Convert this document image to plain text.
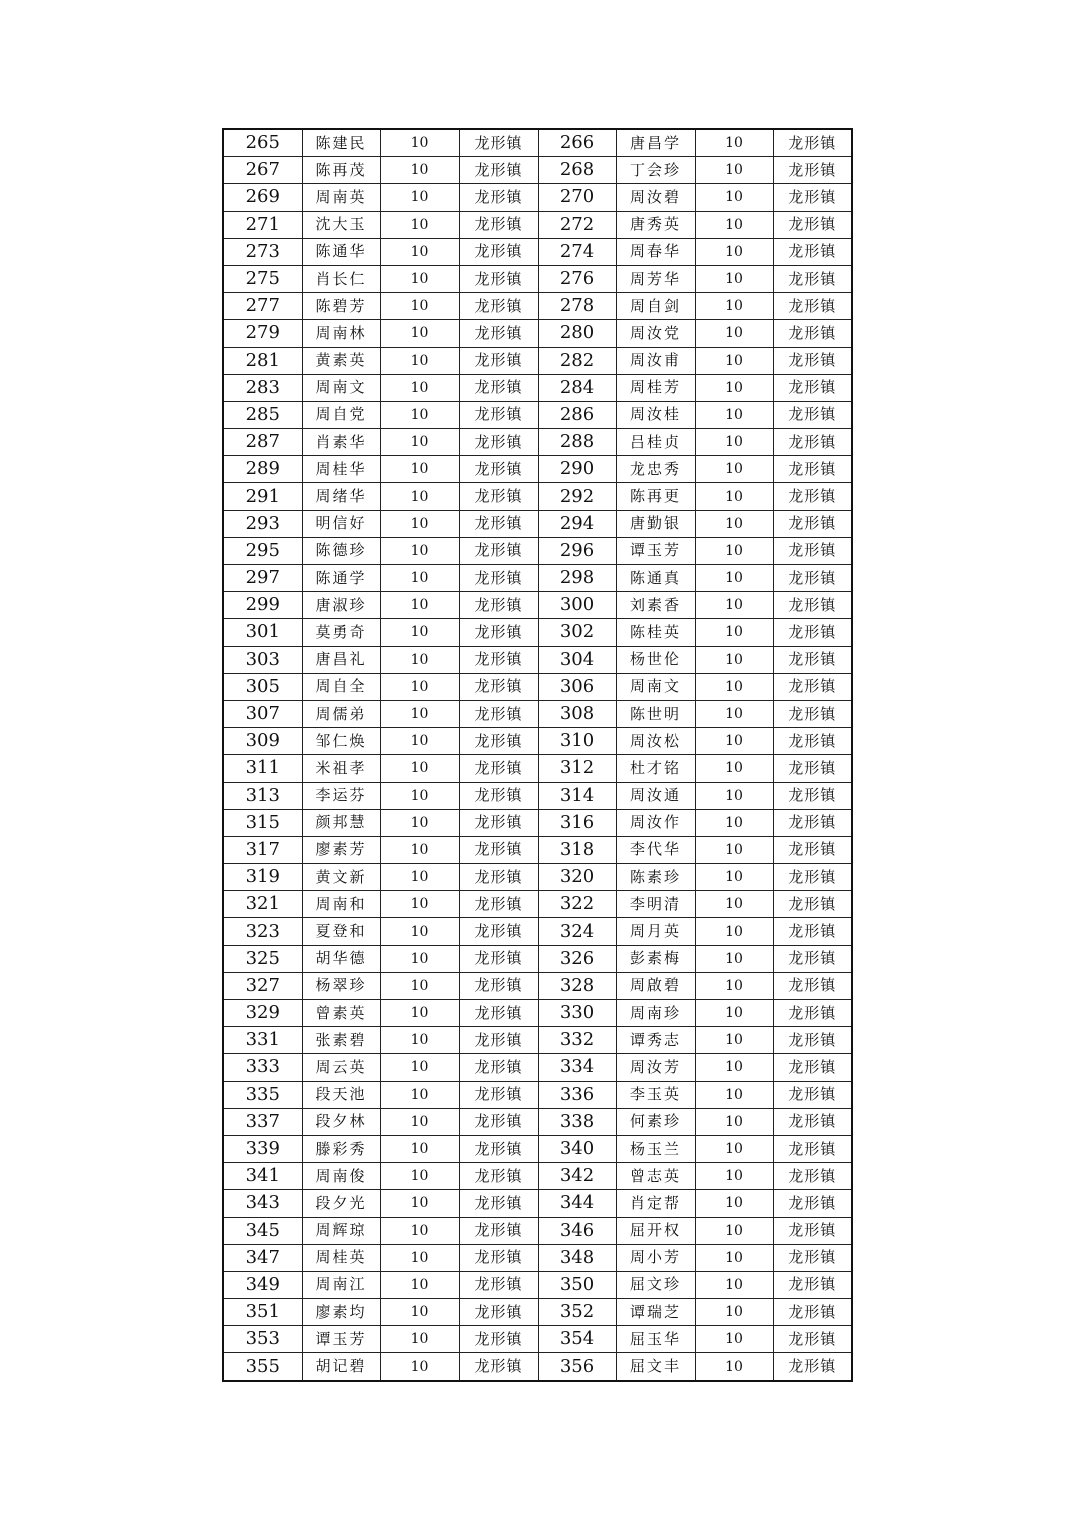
265	陈建民	10	龙形镇	266	唐昌学	10	龙形镇
267	陈再茂	10	龙形镇	268	丁会珍	10	龙形镇
269	周南英	10	龙形镇	270	周汝碧	10	龙形镇
271	沈大玉	10	龙形镇	272	唐秀英	10	龙形镇
273	陈通华	10	龙形镇	274	周春华	10	龙形镇
275	肖长仁	10	龙形镇	276	周芳华	10	龙形镇
277	陈碧芳	10	龙形镇	278	周自剑	10	龙形镇
279	周南林	10	龙形镇	280	周汝党	10	龙形镇
281	黄素英	10	龙形镇	282	周汝甫	10	龙形镇
283	周南文	10	龙形镇	284	周桂芳	10	龙形镇
285	周自党	10	龙形镇	286	周汝桂	10	龙形镇
287	肖素华	10	龙形镇	288	吕桂贞	10	龙形镇
289	周桂华	10	龙形镇	290	龙忠秀	10	龙形镇
291	周绪华	10	龙形镇	292	陈再更	10	龙形镇
293	明信好	10	龙形镇	294	唐勤银	10	龙形镇
295	陈德珍	10	龙形镇	296	谭玉芳	10	龙形镇
297	陈通学	10	龙形镇	298	陈通真	10	龙形镇
299	唐淑珍	10	龙形镇	300	刘素香	10	龙形镇
301	莫勇奇	10	龙形镇	302	陈桂英	10	龙形镇
303	唐昌礼	10	龙形镇	304	杨世伦	10	龙形镇
305	周自全	10	龙形镇	306	周南文	10	龙形镇
307	周儒弟	10	龙形镇	308	陈世明	10	龙形镇
309	邹仁焕	10	龙形镇	310	周汝松	10	龙形镇
311	米祖孝	10	龙形镇	312	杜才铭	10	龙形镇
313	李运芬	10	龙形镇	314	周汝通	10	龙形镇
315	颜邦慧	10	龙形镇	316	周汝作	10	龙形镇
317	廖素芳	10	龙形镇	318	李代华	10	龙形镇
319	黄文新	10	龙形镇	320	陈素珍	10	龙形镇
321	周南和	10	龙形镇	322	李明清	10	龙形镇
323	夏登和	10	龙形镇	324	周月英	10	龙形镇
325	胡华德	10	龙形镇	326	彭素梅	10	龙形镇
327	杨翠珍	10	龙形镇	328	周啟碧	10	龙形镇
329	曾素英	10	龙形镇	330	周南珍	10	龙形镇
331	张素碧	10	龙形镇	332	谭秀志	10	龙形镇
333	周云英	10	龙形镇	334	周汝芳	10	龙形镇
335	段天池	10	龙形镇	336	李玉英	10	龙形镇
337	段夕林	10	龙形镇	338	何素珍	10	龙形镇
339	滕彩秀	10	龙形镇	340	杨玉兰	10	龙形镇
341	周南俊	10	龙形镇	342	曾志英	10	龙形镇
343	段夕光	10	龙形镇	344	肖定帮	10	龙形镇
345	周辉琼	10	龙形镇	346	屈开权	10	龙形镇
347	周桂英	10	龙形镇	348	周小芳	10	龙形镇
349	周南江	10	龙形镇	350	屈文珍	10	龙形镇
351	廖素均	10	龙形镇	352	谭瑞芝	10	龙形镇
353	谭玉芳	10	龙形镇	354	屈玉华	10	龙形镇
355	胡记碧	10	龙形镇	356	屈文丰	10	龙形镇
